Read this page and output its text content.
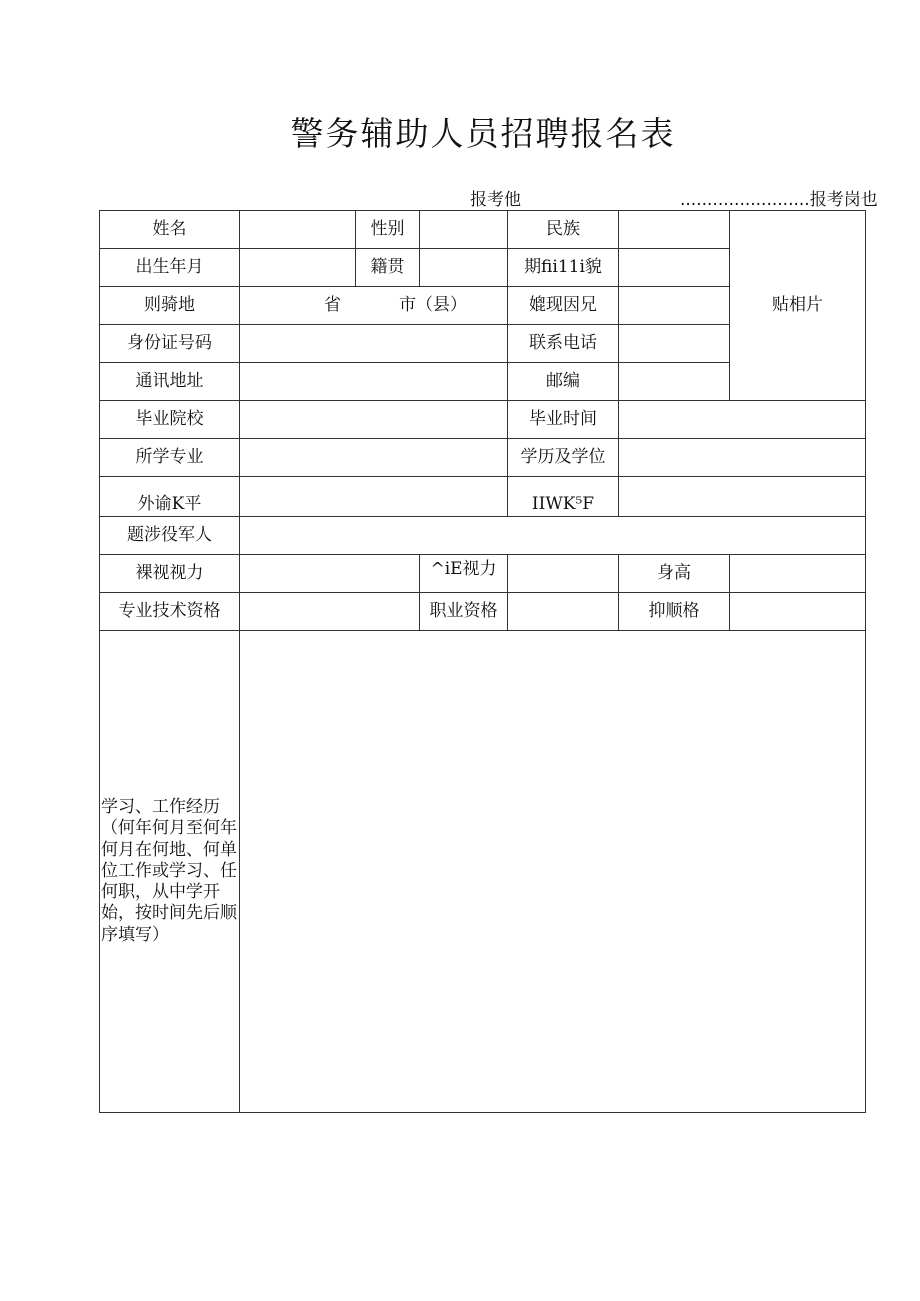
警务辅助人员招聘报名表
报考他	........................报考岗也
姓名		性别		民族		贴相片
出生年月		籍贯		期fii11i貌		
则骑地	省 市（县）			媲现因兄		
身份证号码				联系电话		
通讯地址				邮编		
毕业院校				毕业时间		
所学专业				学历及学位		
外谕K平				IIWK⁵F		
题涉役军人						
裸视视力			^iE视力		身高	
专业技术资格			职业资格		抑顺格	
学习、工作经历（何年何月至何年何月在何地、何单位工作或学习、任何职，从中学开始，按时间先后顺序填写）						
